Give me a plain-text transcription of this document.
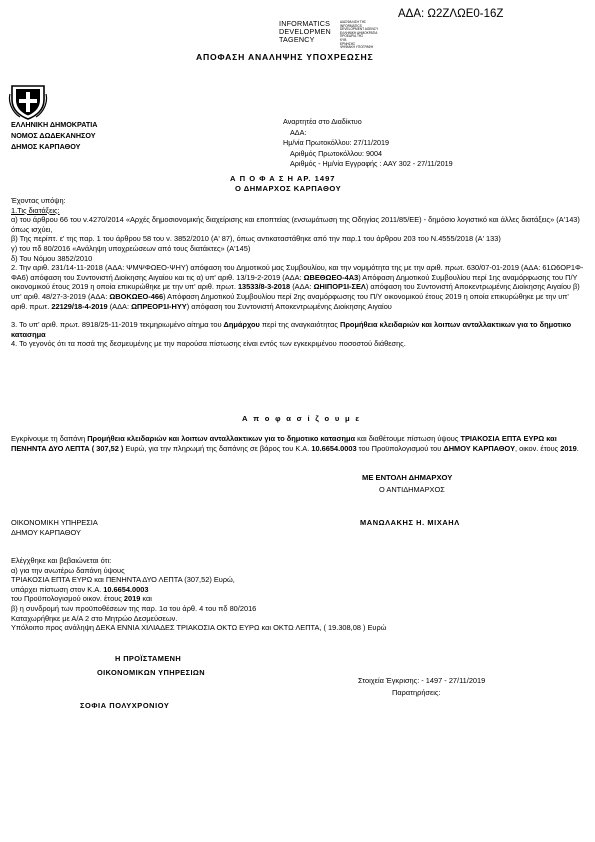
ΑΔΑ: Ω2ΖΛΩΕ0-16Ζ
INFORMATICS
DEVELOPMEN
TAGENCY
ΔΙΑΣΦΑΛΙΣΗ ΤΗΣ
INFORMATICS
DEVELOPMENT AGENCY
ΕΛΛΗΝΙΚΗ ΔΗΜΟΚΡΑΤΙΑ
ΠΡΟΕΔΡΙΑ ΤΗΣ
ΚΥΒ
ΕΡΝΗΣΗΣ
ΨΗΦΙΑΚΗ ΥΠΟΓΡΑΦΗ
ΑΠΟΦΑΣΗ ΑΝΑΛΗΨΗΣ ΥΠΟΧΡΕΩΣΗΣ
ΕΛΛΗΝΙΚΗ ΔΗΜΟΚΡΑΤΙΑ
ΝΟΜΟΣ ΔΩΔΕΚΑΝΗΣΟΥ
ΔΗΜΟΣ ΚΑΡΠΑΘΟΥ
Αναρτητέα στο Διαδίκτυο
ΑΔΑ:
Ημ/νία Πρωτοκόλλου: 27/11/2019
Αριθμός Πρωτοκόλλου: 9004
Αριθμός - Ημ/νία Εγγραφής : ΑΑΥ 302 - 27/11/2019
Α Π Ο Φ Α Σ Η ΑΡ. 1497
Ο ΔΗΜΑΡΧΟΣ ΚΑΡΠΑΘΟΥ

Έχοντας υπόψη:

1.Τις διατάξεις:

α) του άρθρου 66 του ν.4270/2014 «Αρχές δημοσιονομικής διαχείρισης και εποπτείας (ενσωμάτωση της Οδηγίας 2011/85/ΕΕ) - δημόσιο λογιστικό και άλλες διατάξεις» (Α'143) όπως ισχύει,

β) Της περίπτ. ε' της παρ. 1 του άρθρου 58 του ν. 3852/2010 (Α' 87), όπως αντικαταστάθηκε από την παρ.1 του άρθρου 203 του Ν.4555/2018 (Α' 133)

γ) του πδ 80/2016 «Ανάληψη υποχρεώσεων από τους διατάκτες» (Α'145)

δ) Του Νόμου 3852/2010

2. Την αριθ. 231/14-11-2018 (ΑΔΑ: ΨΜΨΦΩΕΟ-ΨΗΥ) απόφαση του Δημοτικού μας Συμβουλίου, και την νομιμότητα της με την αριθ. πρωτ. 630/07-01-2019 (ΑΔΑ: 61Ω6ΟΡ1Φ-ΦΑ6) απόφαση του Συντονιστή Διοίκησης Αιγαίου και τις α) υπ' αριθ. 13/19-2-2019 (ΑΔΑ: ΩΒΕΘΩΕΟ-4Α3) Απόφαση Δημοτικού Συμβουλίου περί 1ης αναμόρφωσης του Π/Υ οικονομικού έτους 2019 η οποία επικυρώθηκε με την υπ' αριθ. πρωτ. 13533/8-3-2018 (ΑΔΑ: ΩΗΙΠΟΡ1Ι-ΣΕΛ) απόφαση του Συντονιστή Αποκεντρωμένης Διοίκησης Αιγαίου β) υπ' αριθ. 48/27-3-2019 (ΑΔΑ: ΩΒΟΚΩΕΟ-466) Απόφαση Δημοτικού Συμβουλίου περί 2ης αναμόρφωσης του Π/Υ οικονομικού έτους 2019 η οποία επικυρώθηκε με την υπ' αριθ. πρωτ. 22129/18-4-2019 (ΑΔΑ: ΩΠΡΕΟΡ1Ι-ΗΥΥ) απόφαση του Συντονιστή Αποκεντρωμένης Διοίκησης Αιγαίου

3. Το υπ' αριθ. πρωτ. 8918/25-11-2019 τεκμηριωμένο αίτημα του Δημάρχου περί της αναγκαιότητας Προμήθεια κλειδαριών και λοιπων ανταλλακτικων για το δημοτικο κατασημα

4. Το γεγονός ότι τα ποσά της δεσμευμένης με την παρούσα πίστωσης είναι εντός των εγκεκριμένου ποσοστού διάθεσης.

Α π ο φ α σ ί ζ ο υ μ ε

Εγκρίνουμε τη δαπάνη Προμήθεια κλειδαριών και λοιπων ανταλλακτικων για το δημοτικο κατασημα και διαθέτουμε πίστωση ύψους ΤΡΙΑΚΟΣΙΑ ΕΠΤΑ ΕΥΡΩ και ΠΕΝΗΝΤΑ ΔΥΟ ΛΕΠΤΑ ( 307,52 ) Ευρώ, για την πληρωμή της δαπάνης σε βάρος του Κ.Α. 10.6654.0003 του Προϋπολογισμού του ΔΗΜΟΥ ΚΑΡΠΑΘΟΥ, οικον. έτους 2019.

ΜΕ ΕΝΤΟΛΗ ΔΗΜΑΡΧΟΥ
Ο ΑΝΤΙΔΗΜΑΡΧΟΣ
ΟΙΚΟΝΟΜΙΚΗ ΥΠΗΡΕΣΙΑ
ΔΗΜΟΥ ΚΑΡΠΑΘΟΥ
ΜΑΝΩΛΑΚΗΣ Η. ΜΙΧΑΗΛ

Ελέγχθηκε και βεβαιώνεται ότι:

α) για την ανωτέρω δαπάνη ύψους

ΤΡΙΑΚΟΣΙΑ ΕΠΤΑ ΕΥΡΩ και ΠΕΝΗΝΤΑ ΔΥΟ ΛΕΠΤΑ (307,52) Ευρώ,

υπάρχει πίστωση στον Κ.Α. 10.6654.0003

του Προϋπολογισμού οικον. έτους 2019 και

β) η συνδρομή των προϋποθέσεων της παρ. 1α του άρθ. 4 του πδ 80/2016

Καταχωρήθηκε με Α/Α 2 στο Μητρώο Δεσμεύσεων.

Υπόλοιπο προς ανάληψη ΔΕΚΑ ΕΝΝΙΑ ΧΙΛΙΑΔΕΣ ΤΡΙΑΚΟΣΙΑ ΟΚΤΩ ΕΥΡΩ και ΟΚΤΩ ΛΕΠΤΑ, ( 19.308,08 ) Ευρώ

Η ΠΡΟΪΣΤΑΜΕΝΗ
ΟΙΚΟΝΟΜΙΚΩΝ ΥΠΗΡΕΣΙΩΝ
ΣΟΦΙΑ ΠΟΛΥΧΡΟΝΙΟΥ
Στοιχεία Έγκρισης: - 1497 - 27/11/2019
Παρατηρήσεις:
